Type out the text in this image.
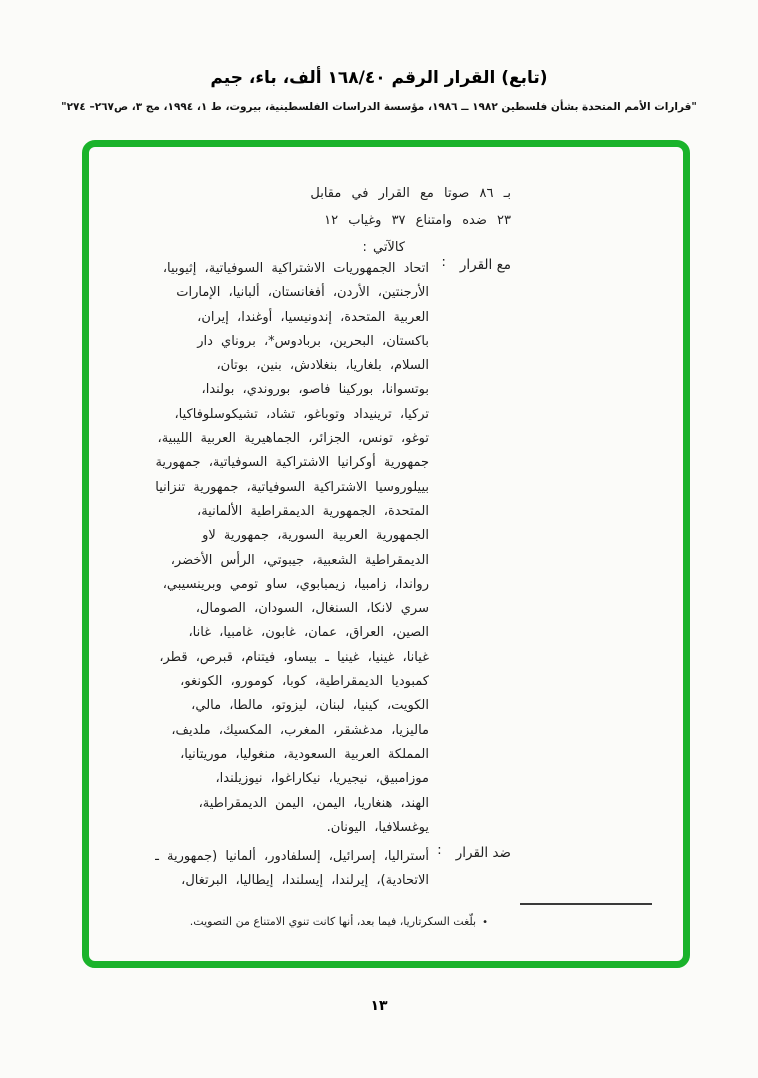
(تابع) القرار الرقم ١٦٨/٤٠ ألف، باء، جيم
"قرارات الأمم المتحدة بشأن فلسطين ١٩٨٢ ــ ١٩٨٦، مؤسسة الدراسات الفلسطينية، بيروت، ط ١، ١٩٩٤، مج ٣، ص٢٦٧– ٢٧٤"
بـ ٨٦ صوتا مع القرار في مقابل
٢٣ ضده وامتناع ٣٧ وغياب ١٢
كالآتي :
مع القرار:
اتحاد الجمهوريات الاشتراكية السوفياتية، إثيوبيا،
الأرجنتين، الأردن، أفغانستان، ألبانيا، الإمارات
العربية المتحدة، إندونيسيا، أوغندا، إيران،
باكستان، البحرين، بربادوس*، بروناي دار
السلام، بلغاريا، بنغلادش، بنين، بوتان،
بوتسوانا، بوركينا فاصو، بوروندي، بولندا،
تركيا، ترينيداد وتوباغو، تشاد، تشيكوسلوفاكيا،
توغو، تونس، الجزائر، الجماهيرية العربية الليبية،
جمهورية أوكرانيا الاشتراكية السوفياتية، جمهورية
بييلوروسيا الاشتراكية السوفياتية، جمهورية تنزانيا
المتحدة، الجمهورية الديمقراطية الألمانية،
الجمهورية العربية السورية، جمهورية لاو
الديمقراطية الشعبية، جيبوتي، الرأس الأخضر،
رواندا، زامبيا، زيمبابوي، ساو تومي وبرينسيبي،
سري لانكا، السنغال، السودان، الصومال،
الصين، العراق، عمان، غابون، غامبيا، غانا،
غيانا، غينيا، غينيا ـ بيساو، فيتنام، قبرص، قطر،
كمبوديا الديمقراطية، كوبا، كومورو، الكونغو،
الكويت، كينيا، لبنان، ليزوتو، مالطا، مالي،
ماليزيا، مدغشقر، المغرب، المكسيك، ملديف،
المملكة العربية السعودية، منغوليا، موريتانيا،
موزامبيق، نيجيريا، نيكاراغوا، نيوزيلندا،
الهند، هنغاريا، اليمن، اليمن الديمقراطية،
يوغسلافيا، اليونان.
ضد القرار:
أستراليا، إسرائيل، إلسلفادور، ألمانيا (جمهورية ـ
الاتحادية)، إيرلندا، إيسلندا، إيطاليا، البرتغال،
•بلّغت السكرتاريا، فيما بعد، أنها كانت تنوي الامتناع من التصويت.
١٣
